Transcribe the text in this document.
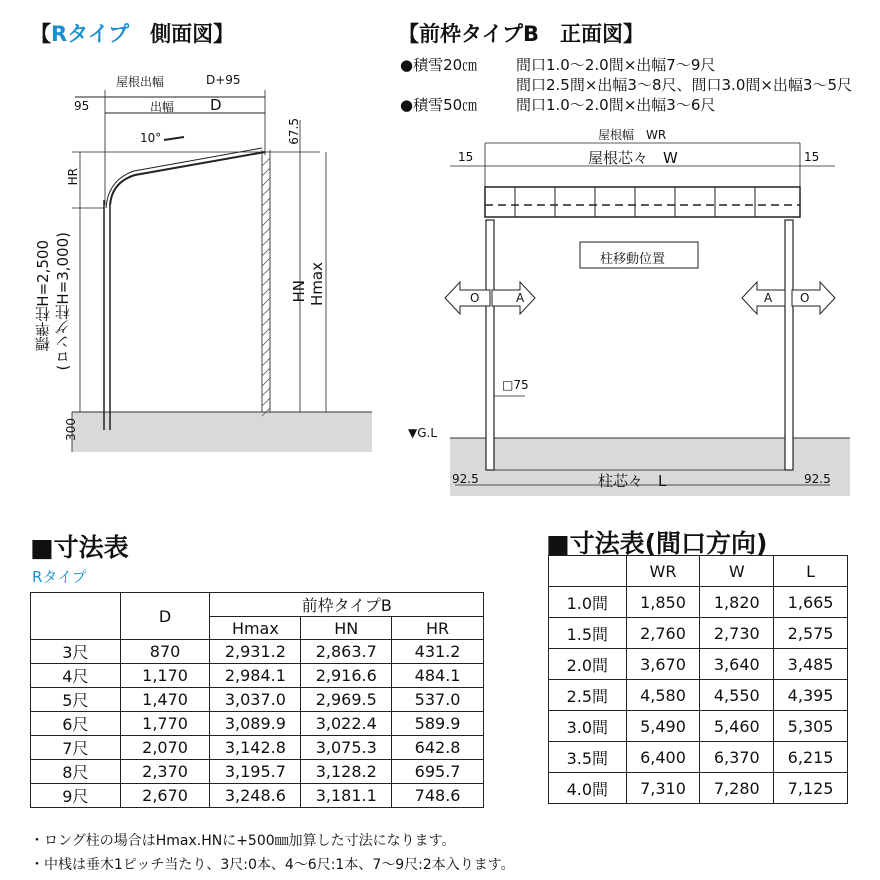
【Rタイプ　 側面図】	【前枠タイプB　正面図】
●積雪20㎝	間口1.0～2.0間×出幅7～9尺
間口2.5間×出幅3～8尺、間口3.0間×出幅3～5尺
●積雪50㎝	間口1.0～2.0間×出幅3～6尺
屋根出幅	D+95
95	出幅 D
10°	67.5
HR
HN Hmax
標準柱H=2,500 (ロング柱H=3,000)
300
屋根幅　WR
屋根芯々　W
15	15
柱移動位置
O	A	A O
□75
▼G.L
柱芯々　L
92.5	92.5
■寸法表
Rタイプ
	D	前枠タイプB		
		Hmax	HN	HR
3尺	870	2,931.2	2,863.7	431.2
4尺	1,170	2,984.1	2,916.6	484.1
5尺	1,470	3,037.0	2,969.5	537.0
6尺	1,770	3,089.9	3,022.4	589.9
7尺	2,070	3,142.8	3,075.3	642.8
8尺	2,370	3,195.7	3,128.2	695.7
9尺	2,670	3,248.6	3,181.1	748.6
■寸法表(間口方向)
	WR	W	L
1.0間	1,850	1,820	1,665
1.5間	2,760	2,730	2,575
2.0間	3,670	3,640	3,485
2.5間	4,580	4,550	4,395
3.0間	5,490	5,460	5,305
3.5間	6,400	6,370	6,215
4.0間	7,310	7,280	7,125
・ロング柱の場合はHmax.HNに+500㎜加算した寸法になります。
・中桟は垂木1ピッチ当たり、3尺:0本、4～6尺:1本、7～9尺:2本入ります。
